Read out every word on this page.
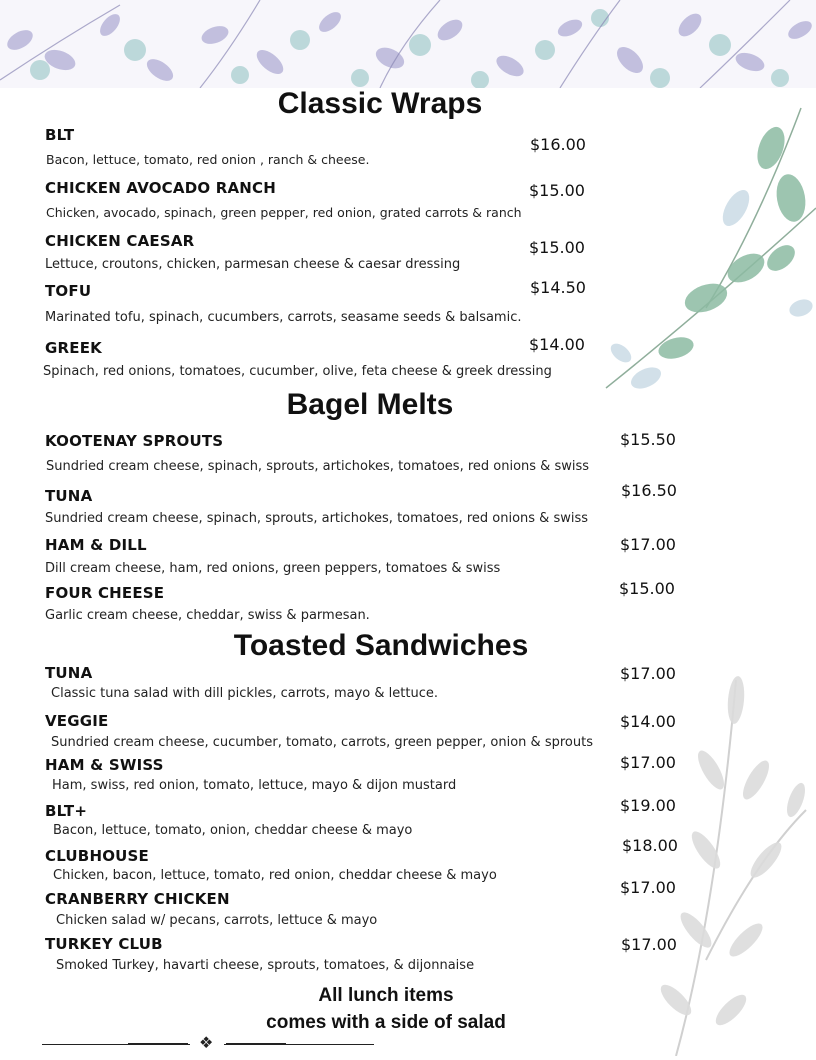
Classic Wraps
BLT
Bacon, lettuce, tomato, red onion , ranch & cheese.
$16.00
CHICKEN AVOCADO RANCH
Chicken, avocado, spinach, green pepper, red onion, grated carrots & ranch
$15.00
CHICKEN CAESAR
Lettuce, croutons, chicken, parmesan cheese & caesar dressing
$15.00
TOFU
Marinated tofu, spinach, cucumbers, carrots, seasame seeds & balsamic.
$14.50
GREEK
Spinach, red onions, tomatoes, cucumber, olive, feta cheese & greek dressing
$14.00
Bagel Melts
KOOTENAY SPROUTS
Sundried cream cheese, spinach, sprouts, artichokes, tomatoes, red onions & swiss
$15.50
TUNA
Sundried cream cheese, spinach, sprouts, artichokes, tomatoes, red onions & swiss
$16.50
HAM & DILL
Dill cream cheese, ham, red onions, green peppers, tomatoes & swiss
$17.00
FOUR CHEESE
Garlic cream cheese, cheddar, swiss & parmesan.
$15.00
Toasted Sandwiches
TUNA
Classic tuna salad with dill pickles, carrots, mayo & lettuce.
$17.00
VEGGIE
Sundried cream cheese, cucumber, tomato, carrots, green pepper, onion & sprouts
$14.00
HAM & SWISS
Ham, swiss, red onion, tomato, lettuce, mayo & dijon mustard
$17.00
BLT+
Bacon, lettuce, tomato, onion, cheddar cheese & mayo
$19.00
CLUBHOUSE
Chicken, bacon, lettuce, tomato, red onion, cheddar cheese & mayo
$18.00
CRANBERRY CHICKEN
Chicken salad w/ pecans, carrots, lettuce & mayo
$17.00
TURKEY CLUB
Smoked Turkey, havarti cheese, sprouts, tomatoes, & dijonnaise
$17.00
All lunch items
comes with a side of salad
❖
